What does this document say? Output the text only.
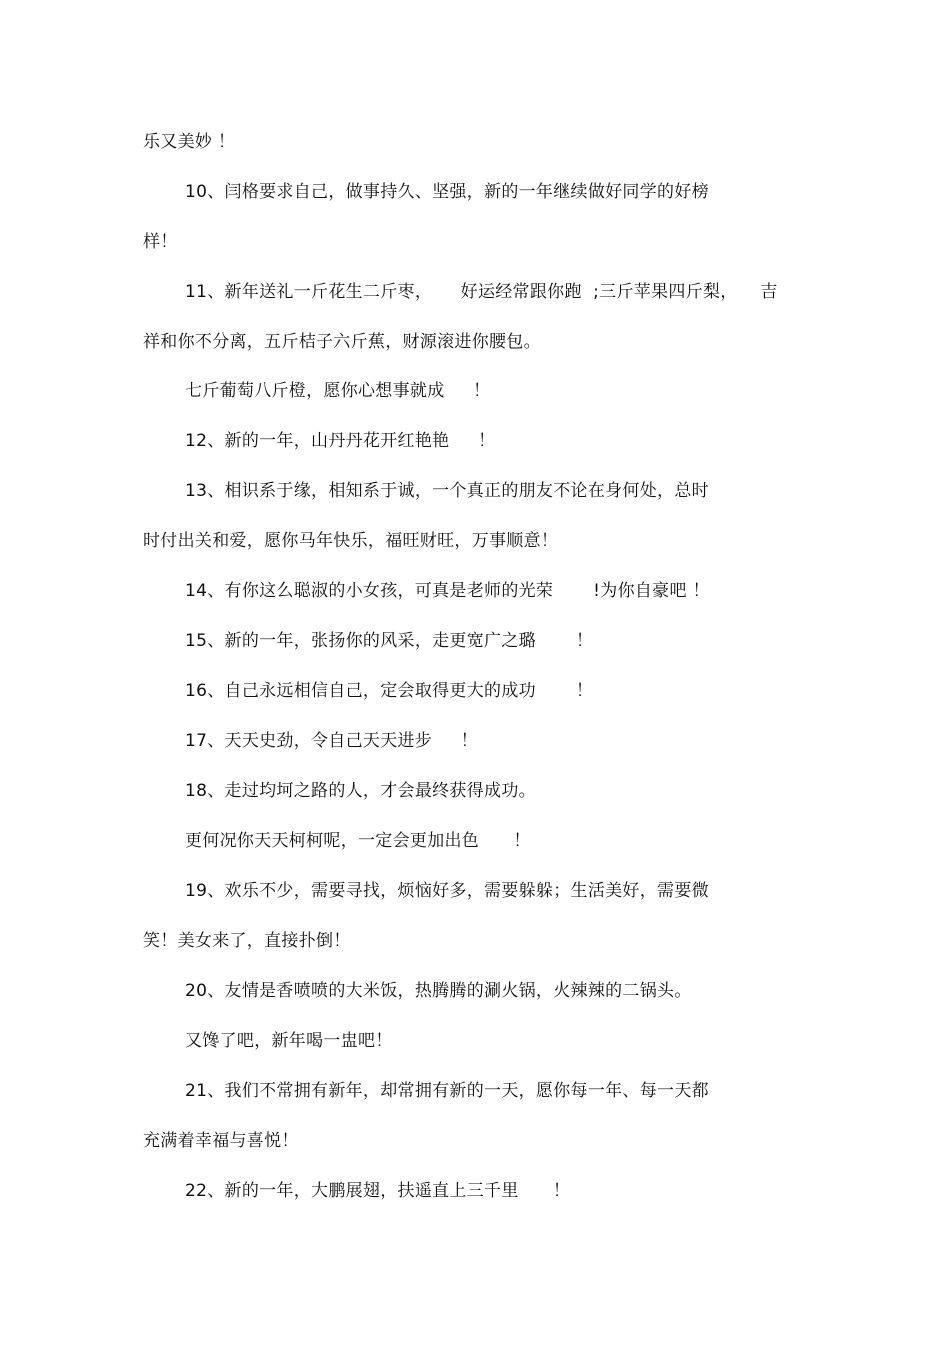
乐又美妙 ！
10、闫格要求自己，做事持久、坚强，新的一年继续做好同学的好榜
样！
11、新年送礼一斤花生二斤枣，     好运经常跟你跑  ;三斤苹果四斤梨，    吉
祥和你不分离，五斤桔子六斤蕉，财源滚进你腰包。
七斤葡萄八斤橙，愿你心想事就成     ！
12、新的一年，山丹丹花开红艳艳     ！
13、相识系于缘，相知系于诚，一个真正的朋友不论在身何处，总时
时付出关和爱，愿你马年快乐，福旺财旺，万事顺意！
14、有你这么聪淑的小女孩，可真是老师的光荣       !为你自豪吧 ！
15、新的一年，张扬你的风采，走更宽广之璐       ！
16、自己永远相信自己，定会取得更大的成功       ！
17、天天史劲，令自己天天进步     ！
18、走过均坷之路的人，才会最终获得成功。
更何况你天天柯柯呢，一定会更加出色      ！
19、欢乐不少，需要寻找，烦恼好多，需要躲躲；生活美好，需要微
笑！美女来了，直接扑倒！
20、友情是香喷喷的大米饭，热腾腾的涮火锅，火辣辣的二锅头。
又馋了吧，新年喝一盅吧！
21、我们不常拥有新年，却常拥有新的一天，愿你每一年、每一天都
充满着幸福与喜悦！
22、新的一年，大鹏展翅，扶遥直上三千里      ！
